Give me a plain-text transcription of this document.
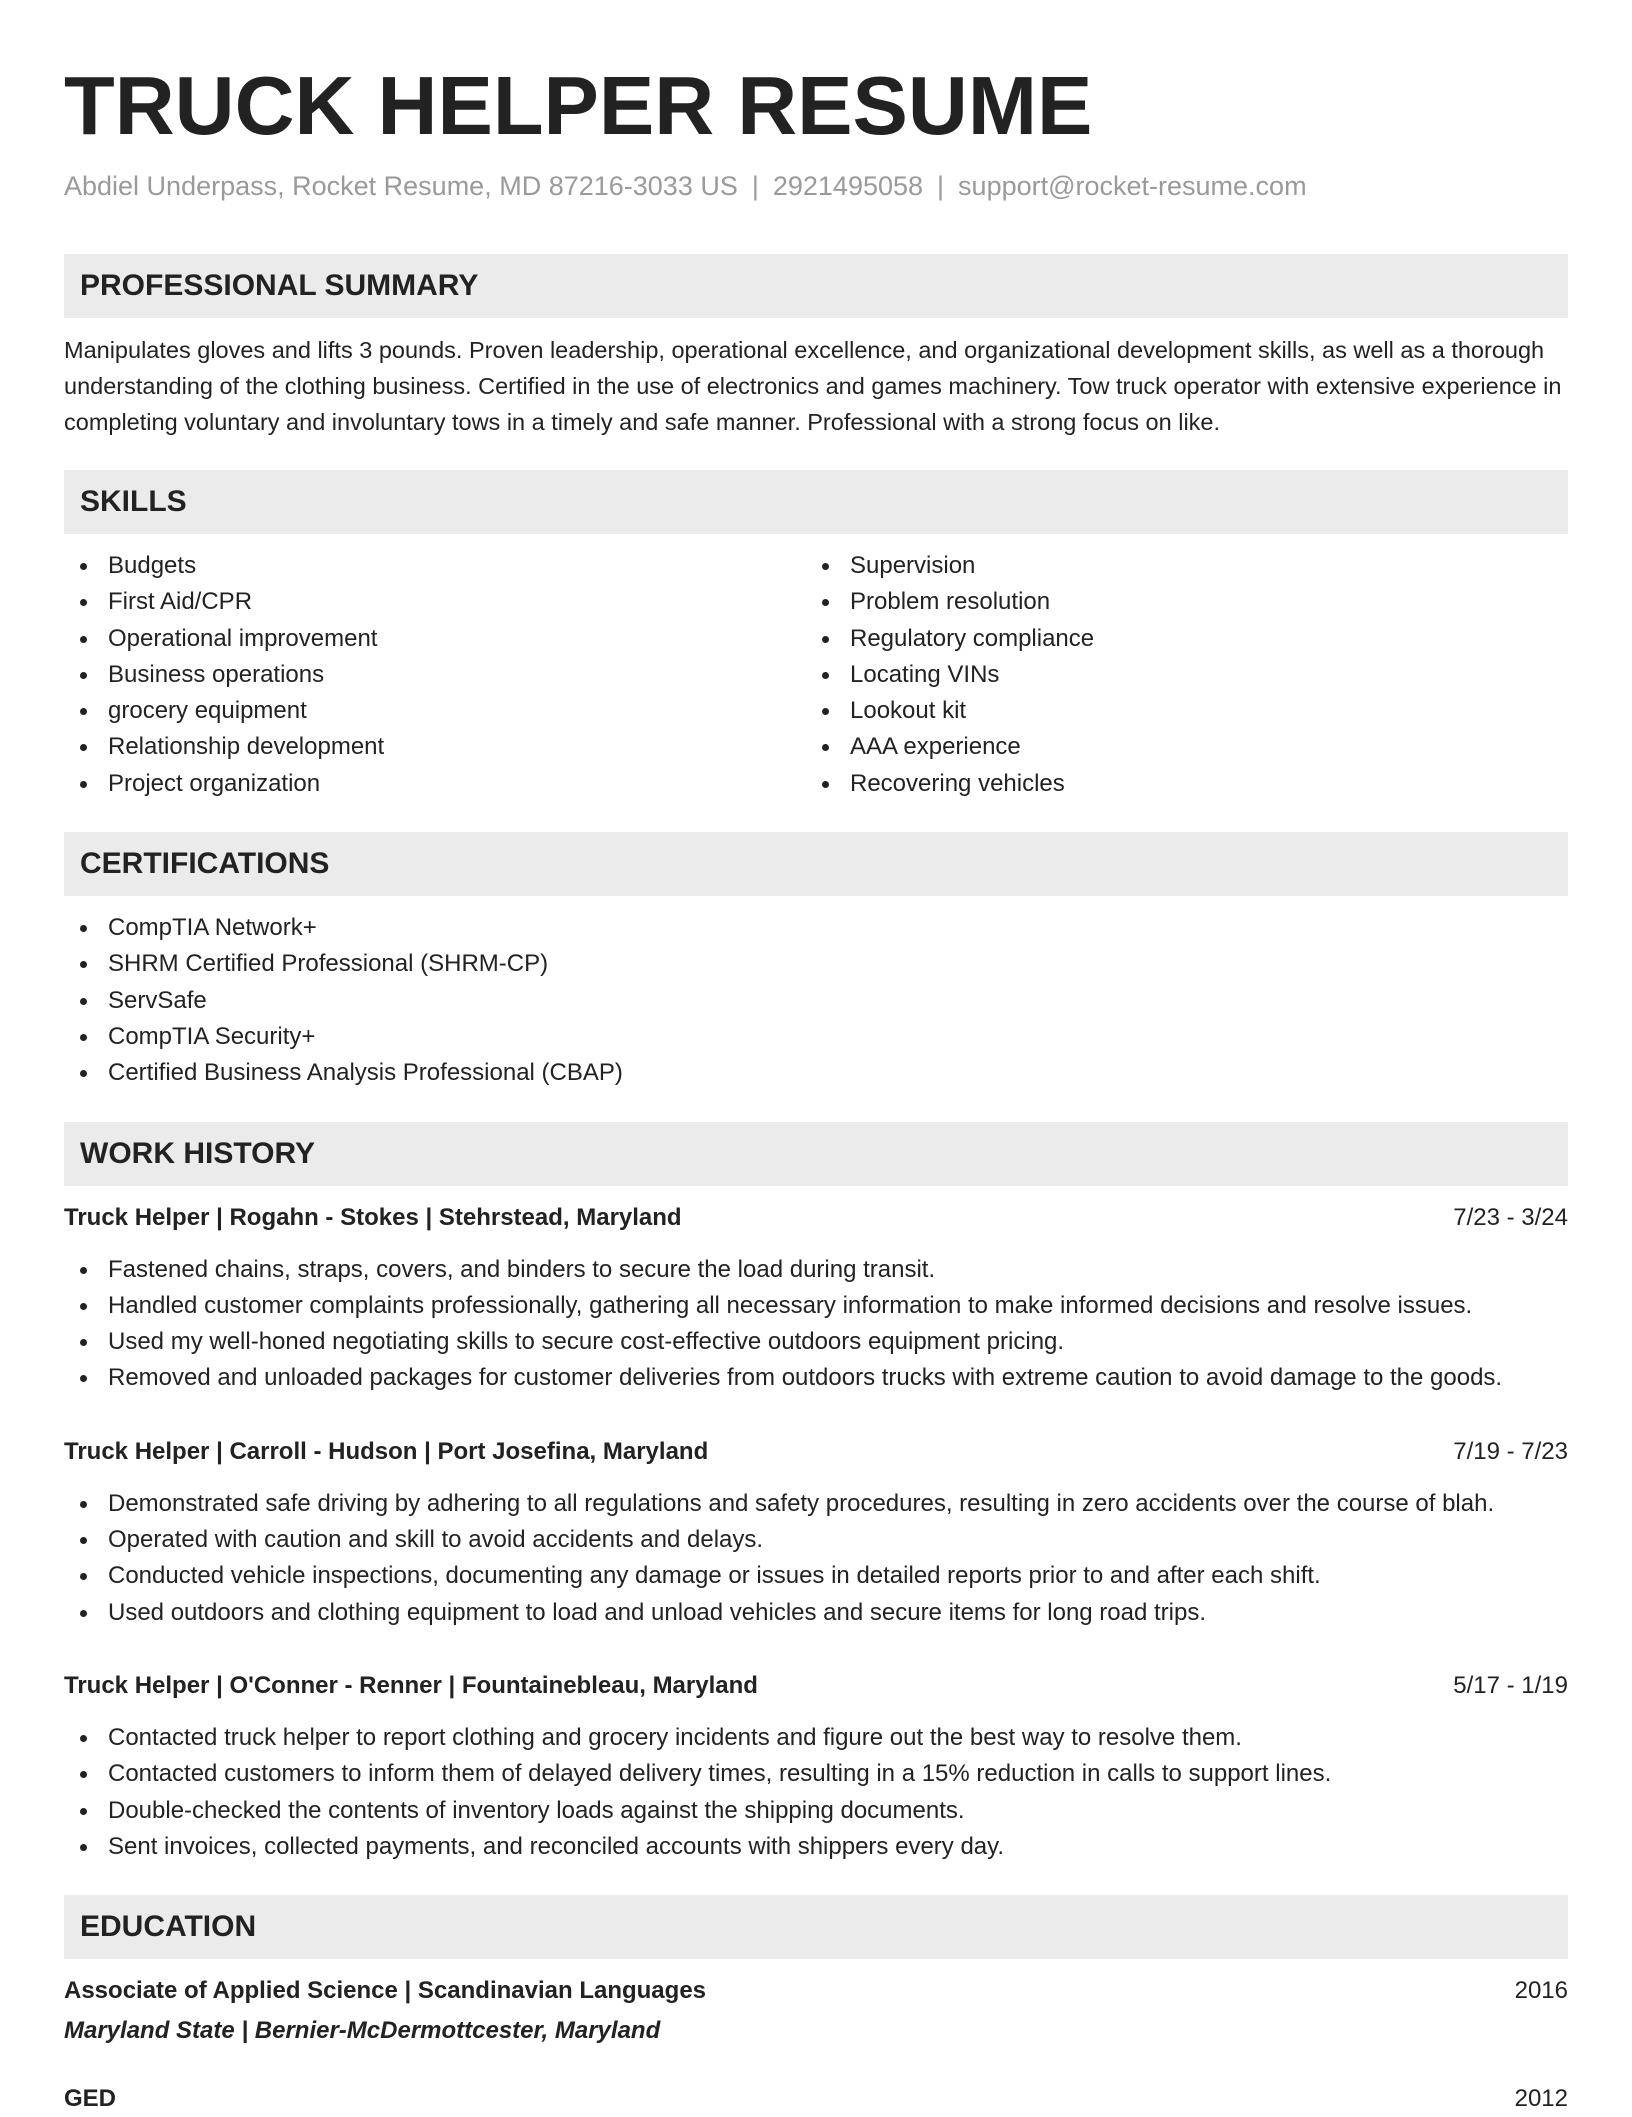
TRUCK HELPER RESUME
Abdiel Underpass, Rocket Resume, MD 87216-3033 US | 2921495058 | support@rocket-resume.com
PROFESSIONAL SUMMARY
Manipulates gloves and lifts 3 pounds. Proven leadership, operational excellence, and organizational development skills, as well as a thorough understanding of the clothing business. Certified in the use of electronics and games machinery. Tow truck operator with extensive experience in completing voluntary and involuntary tows in a timely and safe manner. Professional with a strong focus on like.
SKILLS
Budgets
First Aid/CPR
Operational improvement
Business operations
grocery equipment
Relationship development
Project organization
Supervision
Problem resolution
Regulatory compliance
Locating VINs
Lookout kit
AAA experience
Recovering vehicles
CERTIFICATIONS
CompTIA Network+
SHRM Certified Professional (SHRM-CP)
ServSafe
CompTIA Security+
Certified Business Analysis Professional (CBAP)
WORK HISTORY
Truck Helper | Rogahn - Stokes | Stehrstead, Maryland	7/23 - 3/24
Fastened chains, straps, covers, and binders to secure the load during transit.
Handled customer complaints professionally, gathering all necessary information to make informed decisions and resolve issues.
Used my well-honed negotiating skills to secure cost-effective outdoors equipment pricing.
Removed and unloaded packages for customer deliveries from outdoors trucks with extreme caution to avoid damage to the goods.
Truck Helper | Carroll - Hudson | Port Josefina, Maryland	7/19 - 7/23
Demonstrated safe driving by adhering to all regulations and safety procedures, resulting in zero accidents over the course of blah.
Operated with caution and skill to avoid accidents and delays.
Conducted vehicle inspections, documenting any damage or issues in detailed reports prior to and after each shift.
Used outdoors and clothing equipment to load and unload vehicles and secure items for long road trips.
Truck Helper | O'Conner - Renner | Fountainebleau, Maryland	5/17 - 1/19
Contacted truck helper to report clothing and grocery incidents and figure out the best way to resolve them.
Contacted customers to inform them of delayed delivery times, resulting in a 15% reduction in calls to support lines.
Double-checked the contents of inventory loads against the shipping documents.
Sent invoices, collected payments, and reconciled accounts with shippers every day.
EDUCATION
Associate of Applied Science | Scandinavian Languages	2016
Maryland State | Bernier-McDermottcester, Maryland
GED	2012
